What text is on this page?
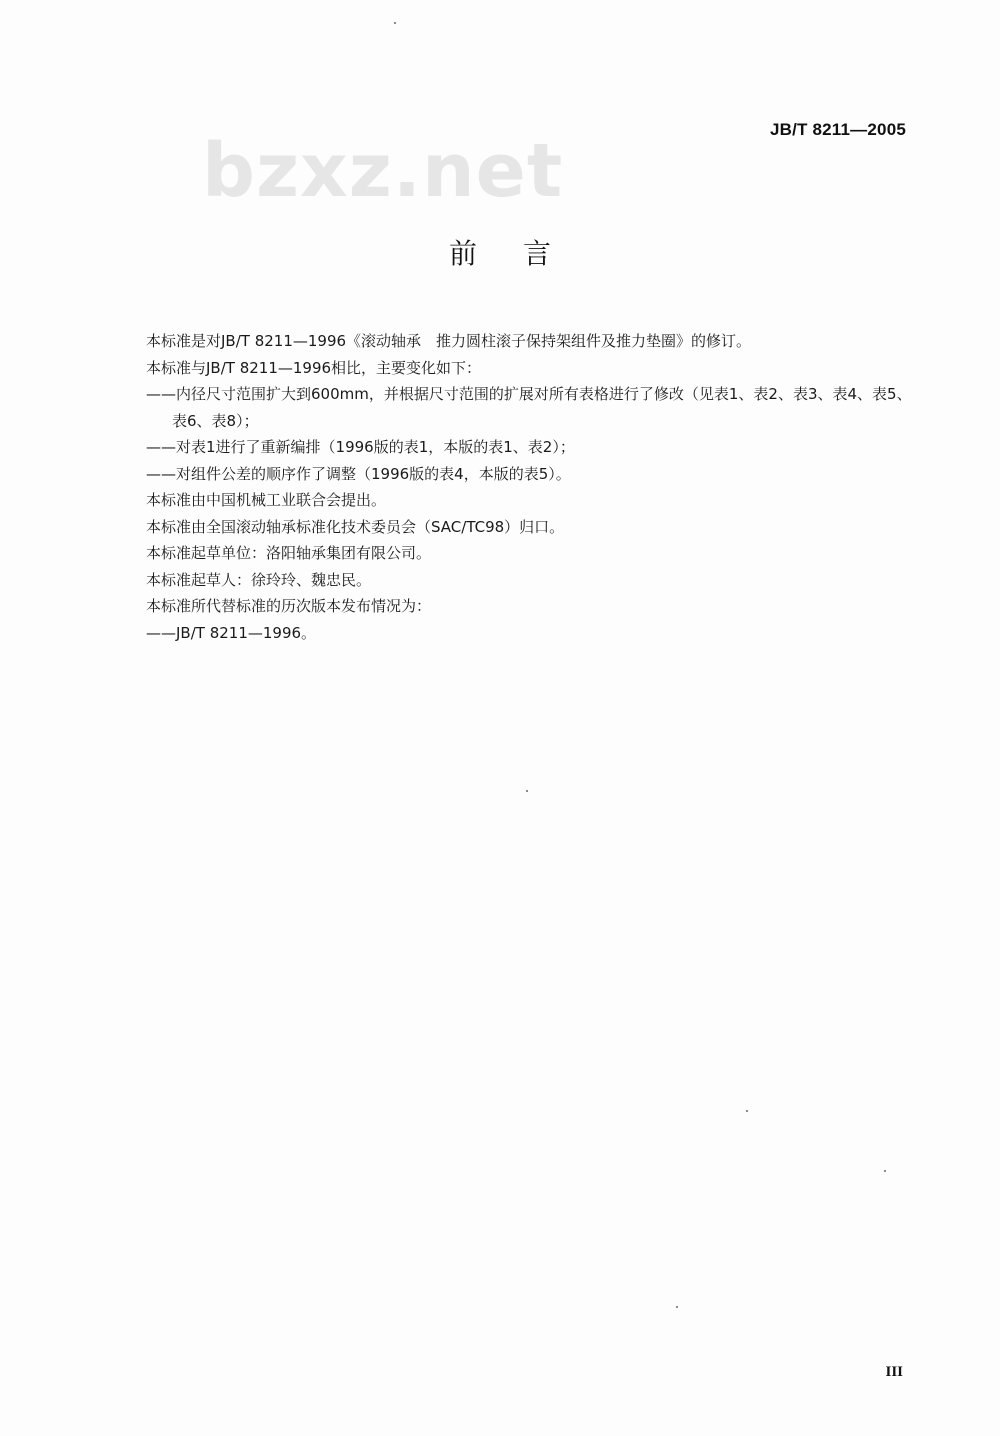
JB/T 8211—2005
bzxz.net
前言

本标准是对JB/T 8211—1996《滚动轴承　推力圆柱滚子保持架组件及推力垫圈》的修订。

本标准与JB/T 8211—1996相比，主要变化如下：

——内径尺寸范围扩大到600mm，并根据尺寸范围的扩展对所有表格进行了修改（见表1、表2、表3、表4、表5、表6、表8）；

——对表1进行了重新编排（1996版的表1，本版的表1、表2）；

——对组件公差的顺序作了调整（1996版的表4，本版的表5）。

本标准由中国机械工业联合会提出。

本标准由全国滚动轴承标准化技术委员会（SAC/TC98）归口。

本标准起草单位：洛阳轴承集团有限公司。

本标准起草人：徐玲玲、魏忠民。

本标准所代替标准的历次版本发布情况为：

——JB/T 8211—1996。

III
